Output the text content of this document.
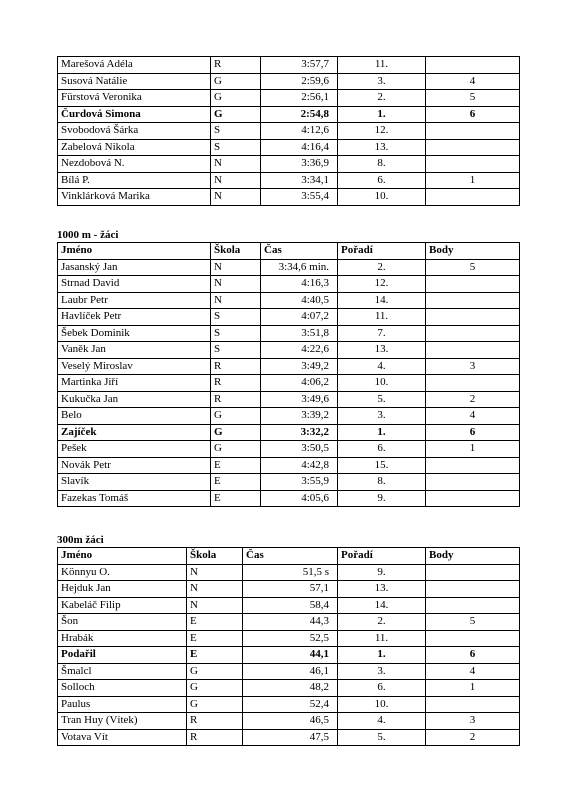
Marešová Adéla	R	3:57,7	11.	
Susová Natálie	G	2:59,6	3.	4
Fürstová Veronika	G	2:56,1	2.	5
Čurdová Simona	G	2:54,8	1.	6
Svobodová Šárka	S	4:12,6	12.	
Zabelová Nikola	S	4:16,4	13.	
Nezdobová N.	N	3:36,9	8.	
Bílá P.	N	3:34,1	6.	1
Vinklárková Marika	N	3:55,4	10.	
1000 m - žáci
Jméno	Škola	Čas	Pořadí	Body
Jasanský Jan	N	3:34,6 min.	2.	5
Strnad David	N	4:16,3	12.	
Laubr Petr	N	4:40,5	14.	
Havlíček Petr	S	4:07,2	11.	
Šebek Dominik	S	3:51,8	7.	
Vaněk Jan	S	4:22,6	13.	
Veselý Miroslav	R	3:49,2	4.	3
Martinka Jiří	R	4:06,2	10.	
Kukučka Jan	R	3:49,6	5.	2
Belo	G	3:39,2	3.	4
Zajíček	G	3:32,2	1.	6
Pešek	G	3:50,5	6.	1
Novák Petr	E	4:42,8	15.	
Slavík	E	3:55,9	8.	
Fazekas Tomáš	E	4:05,6	9.	
300m žáci
Jméno	Škola	Čas	Pořadí	Body
Könnyu O.	N	51,5 s	9.	
Hejduk Jan	N	57,1	13.	
Kabeláč Filip	N	58,4	14.	
Šon	E	44,3	2.	5
Hrabák	E	52,5	11.	
Podařil	E	44,1	1.	6
Šmalcl	G	46,1	3.	4
Solloch	G	48,2	6.	1
Paulus	G	52,4	10.	
Tran Huy (Vítek)	R	46,5	4.	3
Votava Vít	R	47,5	5.	2
